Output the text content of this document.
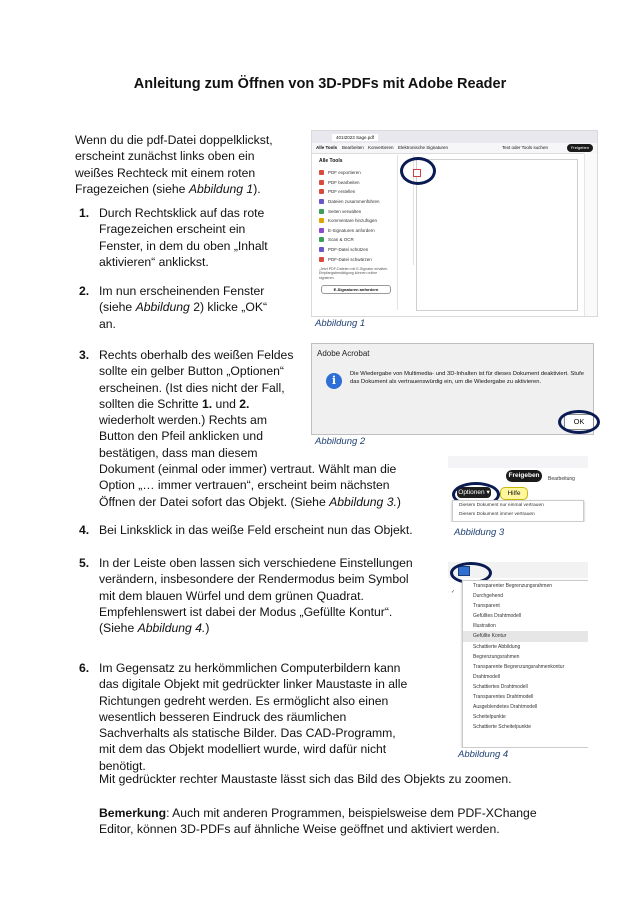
Anleitung zum Öffnen von 3D-PDFs mit Adobe Reader
Wenn du die pdf-Datei doppelklickst,
erscheint zunächst links oben ein
weißes Rechteck mit einem roten
Fragezeichen (siehe Abbildung 1).
1. Durch Rechtsklick auf das rote
Fragezeichen erscheint ein
Fenster, in dem du oben „Inhalt
aktivieren“ anklickst.
2. Im nun erscheinenden Fenster
(siehe Abbildung 2) klicke „OK“
an.
3. Rechts oberhalb des weißen Feldes
sollte ein gelber Button „Optionen“
erscheinen. (Ist dies nicht der Fall,
sollten die Schritte 1. und 2.
wiederholt werden.) Rechts am
Button den Pfeil anklicken und
bestätigen, dass man diesem
Dokument (einmal oder immer) vertraut. Wählt man die
Option „… immer vertrauen“, erscheint beim nächsten
Öffnen der Datei sofort das Objekt. (Siehe Abbildung 3.)
4. Bei Linksklick in das weiße Feld erscheint nun das Objekt.
5. In der Leiste oben lassen sich verschiedene Einstellungen
verändern, insbesondere der Rendermodus beim Symbol
mit dem blauen Würfel und dem grünen Quadrat.
Empfehlenswert ist dabei der Modus „Gefüllte Kontur“.
(Siehe Abbildung 4.)
6. Im Gegensatz zu herkömmlichen Computerbildern kann
das digitale Objekt mit gedrückter linker Maustaste in alle
Richtungen gedreht werden. Es ermöglicht also einen
wesentlich besseren Eindruck des räumlichen
Sachverhalts als statische Bilder. Das CAD-Programm,
mit dem das Objekt modelliert wurde, wird dafür nicht
benötigt.
Mit gedrückter rechter Maustaste lässt sich das Bild des Objekts zu zoomen.
Bemerkung: Auch mit anderen Programmen, beispielsweise dem PDF-XChange
Editor, können 3D-PDFs auf ähnliche Weise geöffnet und aktiviert werden.
401I2023 Sage.pdf
Alle Tools Bearbeiten Konvertieren Elektronische Signaturen	Text oder Tools suchen	Freigeben
Alle Tools
PDF exportieren
PDF bearbeiten
PDF erstellen
Dateien zusammenführen
Seiten verwalten
Kommentare hinzufügen
E-Signaturen anfordern
Scan & OCR
PDF-Datei schützen
PDF-Datei schwärzen
„Jetzt PDF-Dateien mit E-Signatur erhalten. Empfangsbestätigung können online signieren.
E-Signaturen anfordern
Abbildung 1
Adobe Acrobat
i	Die Wiedergabe von Multimedia- und 3D-Inhalten ist für dieses Dokument deaktiviert. Stufe das Dokument als vertrauenswürdig ein, um die Wiedergabe zu aktivieren.
OK
Abbildung 2
Freigeben	Bearbeitung
Optionen ▾	Hilfe
Diesem Dokument nur einmal vertrauen
Diesem Dokument immer vertrauen
Abbildung 3
Transparenter Begrenzungsrahmen
Durchgehend
Transparent
Gefülltes Drahtmodell
Illustration
Gefüllte Kontur
Schattierte Abbildung
Begrenzungsrahmen
Transparente Begrenzungsrahmenkontur
Drahtmodell
Schattiertes Drahtmodell
Transparentes Drahtmodell
Ausgeblendetes Drahtmodell
Scheitelpunkte
Schattierte Scheitelpunkte
✓
Abbildung 4
